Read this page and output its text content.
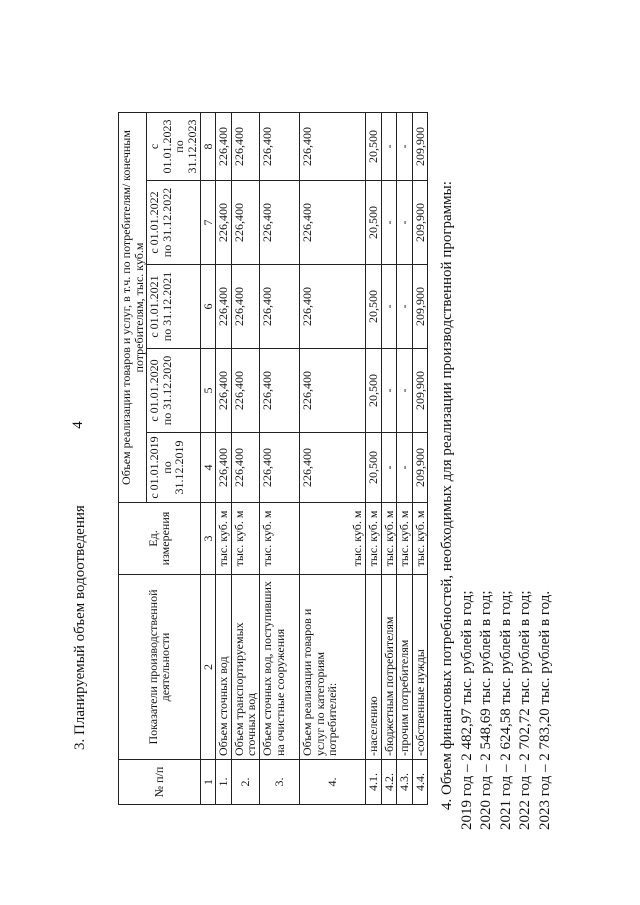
4
3. Планируемый объем водоотведения
№ п/п	Показатели производственной деятельности	Ед. измерения	Объем реализации товаров и услуг, в т.ч. по потребителям/ конечным потребителям, тыс. куб.м				
			с 01.01.2019 по 31.12.2019	с 01.01.2020 по 31.12.2020	с 01.01.2021 по 31.12.2021	с 01.01.2022 по 31.12.2022	с 01.01.2023 по 31.12.2023
1	2	3	4	5	6	7	8
1.	Объем сточных вод	тыс. куб. м	226,400	226,400	226,400	226,400	226,400
2.	Объем транспортируемых сточных вод	тыс. куб. м	226,400	226,400	226,400	226,400	226,400
3.	Объем сточных вод, поступивших на очистные сооружения	тыс. куб. м	226,400	226,400	226,400	226,400	226,400
4.	Объем реализации товаров и услуг по категориям потребителей:	тыс. куб. м	226,400	226,400	226,400	226,400	226,400
4.1.	-населению	тыс. куб. м	20,500	20,500	20,500	20,500	20,500
4.2.	-бюджетным потребителям	тыс. куб. м	-	-	-	-	-
4.3.	-прочим потребителям	тыс. куб. м	-	-	-	-	-
4.4.	-собственные нужды	тыс. куб. м	209,900	209,900	209,900	209,900	209,900
4. Объем финансовых потребностей, необходимых для реализации производственной программы: 2019 год – 2 482,97 тыс. рублей в год; 2020 год – 2 548,69 тыс. рублей в год; 2021 год – 2 624,58 тыс. рублей в год; 2022 год – 2 702,72 тыс. рублей в год; 2023 год – 2 783,20 тыс. рублей в год.
